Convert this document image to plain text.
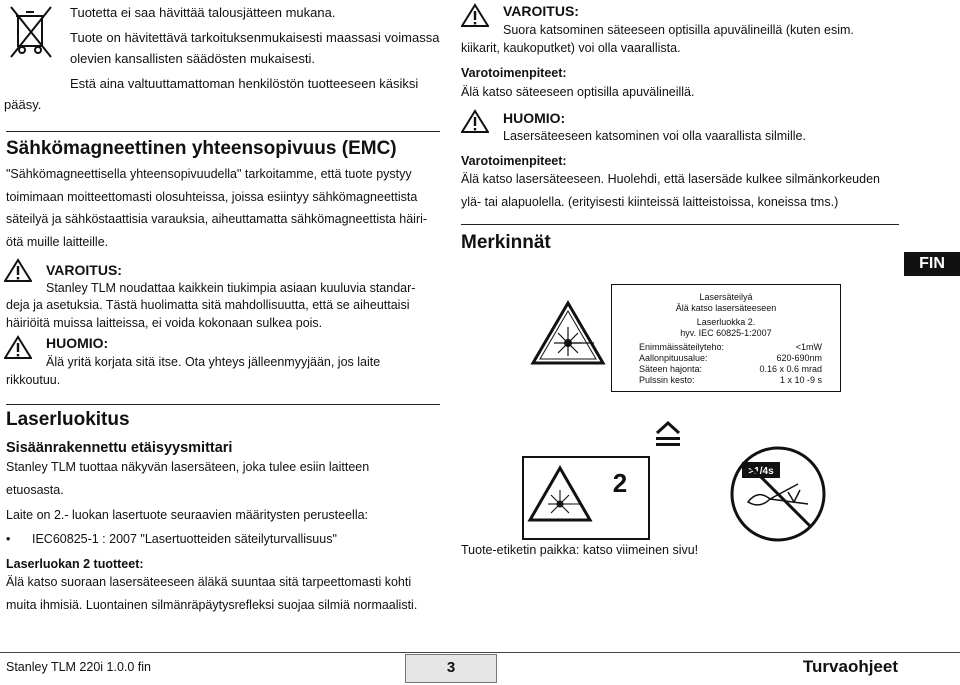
Tuotetta ei saa hävittää talousjätteen mukana.
Tuote on hävitettävä tarkoituksenmukaisesti maassasi voimassa
olevien kansallisten säädösten mukaisesti.
Estä aina valtuuttamattoman henkilöstön tuotteeseen käsiksi
pääsy.
Sähkömagneettinen yhteensopivuus (EMC)
"Sähkömagneettisella yhteensopivuudella" tarkoitamme, että tuote pystyy
toimimaan moitteettomasti olosuhteissa, joissa esiintyy sähkömagneettista
säteilyä ja sähköstaattisia varauksia, aiheuttamatta sähkömagneettista häiri-
ötä muille laitteille.
VAROITUS:
Stanley TLM noudattaa kaikkein tiukimpia asiaan kuuluvia standar-
deja ja asetuksia. Tästä huolimatta sitä mahdollisuutta, että se aiheuttaisi
häiriöitä muissa laitteissa, ei voida kokonaan sulkea pois.
HUOMIO:
Älä yritä korjata sitä itse. Ota yhteys jälleenmyyjään, jos laite
rikkoutuu.
Laserluokitus
Sisäänrakennettu etäisyysmittari
Stanley TLM tuottaa näkyvän lasersäteen, joka tulee esiin laitteen
etuosasta.
Laite on 2.- luokan lasertuote seuraavien määritysten perusteella:
• IEC60825-1 : 2007 "Lasertuotteiden säteilyturvallisuus"
Laserluokan 2 tuotteet:
Älä katso suoraan lasersäteeseen äläkä suuntaa sitä tarpeettomasti kohti
muita ihmisiä. Luontainen silmänräpäytysrefleksi suojaa silmiä normaalisti.
VAROITUS:
Suora katsominen säteeseen optisilla apuvälineillä (kuten esim.
kiikarit, kaukoputket) voi olla vaarallista.
Varotoimenpiteet:
Älä katso säteeseen optisilla apuvälineillä.
HUOMIO:
Lasersäteeseen katsominen voi olla vaarallista silmille.
Varotoimenpiteet:
Älä katso lasersäteeseen. Huolehdi, että lasersäde kulkee silmänkorkeuden
ylä- tai alapuolella. (erityisesti kiinteissä laitteistoissa, koneissa tms.)
Merkinnät
FIN
Lasersäteilyä
Älä katso lasersäteeseen
Laserluokka 2.
hyv. IEC 60825-1:2007
Enimmäissäteilyteho:	<1mW
Aallonpituusalue:	620-690nm
Säteen hajonta:	0.16 x 0.6 mrad
Pulssin kesto:	1 x 10 -9 s
2	>1/4s
Tuote-etiketin paikka: katso viimeinen sivu!
Stanley TLM 220i 1.0.0 fin	3	Turvaohjeet
